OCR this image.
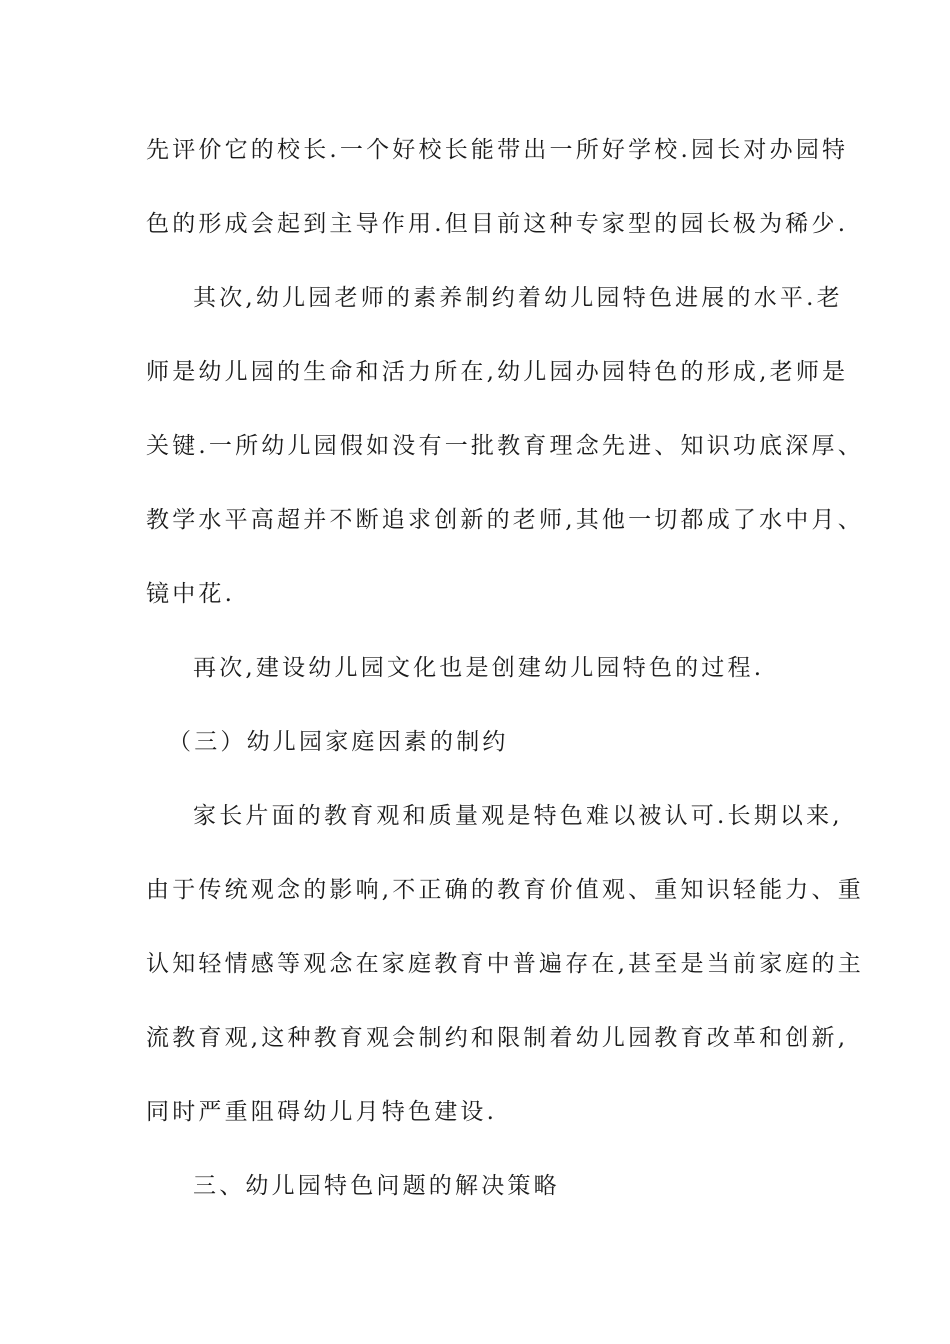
先评价它的校长.一个好校长能带出一所好学校.园长对办园特
色的形成会起到主导作用.但目前这种专家型的园长极为稀少.
其次,幼儿园老师的素养制约着幼儿园特色进展的水平.老
师是幼儿园的生命和活力所在,幼儿园办园特色的形成,老师是
关键.一所幼儿园假如没有一批教育理念先进、知识功底深厚、
教学水平高超并不断追求创新的老师,其他一切都成了水中月、
镜中花.
再次,建设幼儿园文化也是创建幼儿园特色的过程.
（三）幼儿园家庭因素的制约
家长片面的教育观和质量观是特色难以被认可.长期以来,
由于传统观念的影响,不正确的教育价值观、重知识轻能力、重
认知轻情感等观念在家庭教育中普遍存在,甚至是当前家庭的主
流教育观,这种教育观会制约和限制着幼儿园教育改革和创新,
同时严重阻碍幼儿月特色建设.
三、幼儿园特色问题的解决策略
